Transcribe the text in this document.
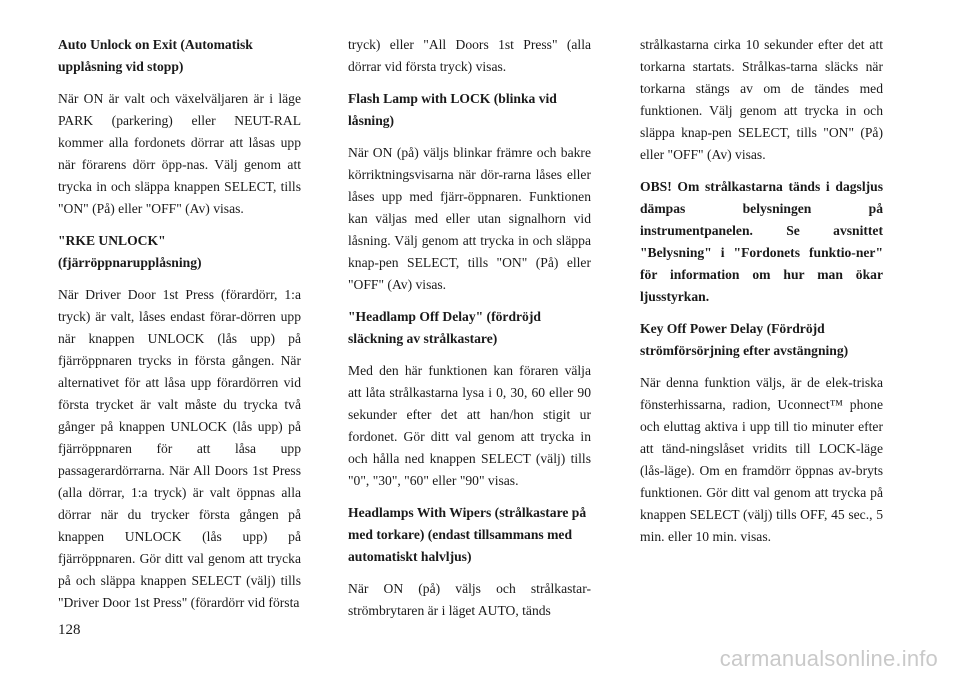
Auto Unlock on Exit (Automatisk upplåsning vid stopp)

När ON är valt och växelväljaren är i läge PARK (parkering) eller NEUT-RAL kommer alla fordonets dörrar att låsas upp när förarens dörr öpp-nas. Välj genom att trycka in och släppa knappen SELECT, tills "ON" (På) eller "OFF" (Av) visas.

"RKE UNLOCK" (fjärröppnarupplåsning)

När Driver Door 1st Press (förardörr, 1:a tryck) är valt, låses endast förar-dörren upp när knappen UNLOCK (lås upp) på fjärröppnaren trycks in första gången. När alternativet för att låsa upp förardörren vid första trycket är valt måste du trycka två gånger på knappen UNLOCK (lås upp) på fjärröppnaren för att låsa upp passagerardörrarna. När All Doors 1st Press (alla dörrar, 1:a tryck) är valt öppnas alla dörrar när du trycker första gången på knappen UNLOCK (lås upp) på fjärröppnaren. Gör ditt val genom att trycka på och släppa knappen SELECT (välj) tills "Driver Door 1st Press" (förardörr vid första

tryck) eller "All Doors 1st Press" (alla dörrar vid första tryck) visas.

Flash Lamp with LOCK (blinka vid låsning)

När ON (på) väljs blinkar främre och bakre körriktningsvisarna när dör-rarna låses eller låses upp med fjärr-öppnaren. Funktionen kan väljas med eller utan signalhorn vid låsning. Välj genom att trycka in och släppa knap-pen SELECT, tills "ON" (På) eller "OFF" (Av) visas.

"Headlamp Off Delay" (fördröjd släckning av strålkastare)

Med den här funktionen kan föraren välja att låta strålkastarna lysa i 0, 30, 60 eller 90 sekunder efter det att han/hon stigit ur fordonet. Gör ditt val genom att trycka in och hålla ned knappen SELECT (välj) tills "0", "30", "60" eller "90" visas.

Headlamps With Wipers (strålkastare på med torkare) (endast tillsammans med automatiskt halvljus)

När ON (på) väljs och strålkastar-strömbrytaren är i läget AUTO, tänds

strålkastarna cirka 10 sekunder efter det att torkarna startats. Strålkas-tarna släcks när torkarna stängs av om de tändes med funktionen. Välj genom att trycka in och släppa knap-pen SELECT, tills "ON" (På) eller "OFF" (Av) visas.

OBS! Om strålkastarna tänds i dagsljus dämpas belysningen på instrumentpanelen. Se avsnittet "Belysning" i "Fordonets funktio-ner" för information om hur man ökar ljusstyrkan.

Key Off Power Delay (Fördröjd strömförsörjning efter avstängning)

När denna funktion väljs, är de elek-triska fönsterhissarna, radion, Uconnect™ phone och eluttag aktiva i upp till tio minuter efter att tänd-ningslåset vridits till LOCK-läge (lås-läge). Om en framdörr öppnas av-bryts funktionen. Gör ditt val genom att trycka på knappen SELECT (välj) tills OFF, 45 sec., 5 min. eller 10 min. visas.

128
carmanualsonline.info
